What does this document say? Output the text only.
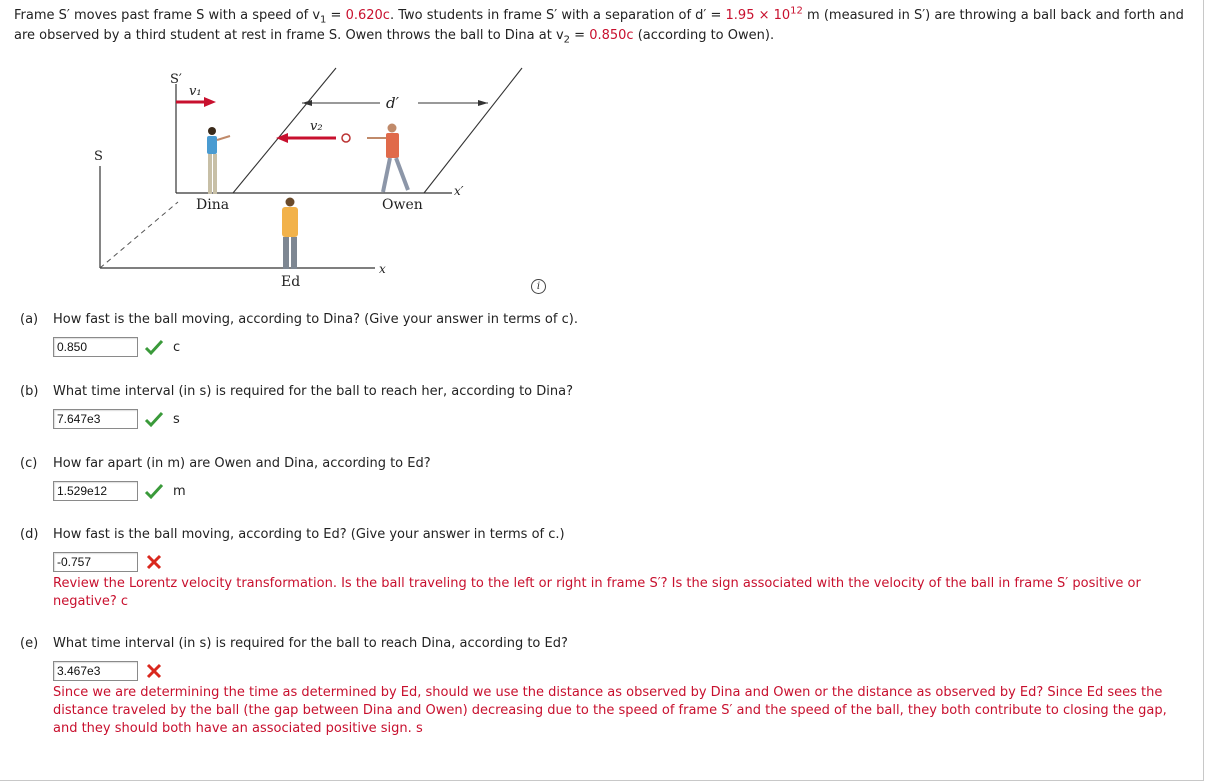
Frame S′ moves past frame S with a speed of $v_1 = 0.620c$. Two students in frame S′ with a separation of $d' = 1.95 \times 10^{12}$ m (measured in S′) are throwing a ball back and forth and are observed by a third student at rest in frame S. Owen throws the ball to Dina at $v_2 = 0.850c$ (according to Owen).
S′
v₁
d′
v₂
S
Dina	Owen
x′
Ed
x
i
(a) How fast is the ball moving, according to Dina? (Give your answer in terms of c).
0.850	c
(b) What time interval (in s) is required for the ball to reach her, according to Dina?
7.647e3	s
(c) How far apart (in m) are Owen and Dina, according to Ed?
1.529e12	m
(d) How fast is the ball moving, according to Ed? (Give your answer in terms of c.)
-0.757
Review the Lorentz velocity transformation. Is the ball traveling to the left or right in frame S′? Is the sign associated with the velocity of the ball in frame S′ positive or negative? c
(e) What time interval (in s) is required for the ball to reach Dina, according to Ed?
3.467e3
Since we are determining the time as determined by Ed, should we use the distance as observed by Dina and Owen or the distance as observed by Ed? Since Ed sees the distance traveled by the ball (the gap between Dina and Owen) decreasing due to the speed of frame S′ and the speed of the ball, they both contribute to closing the gap, and they should both have an associated positive sign. s
